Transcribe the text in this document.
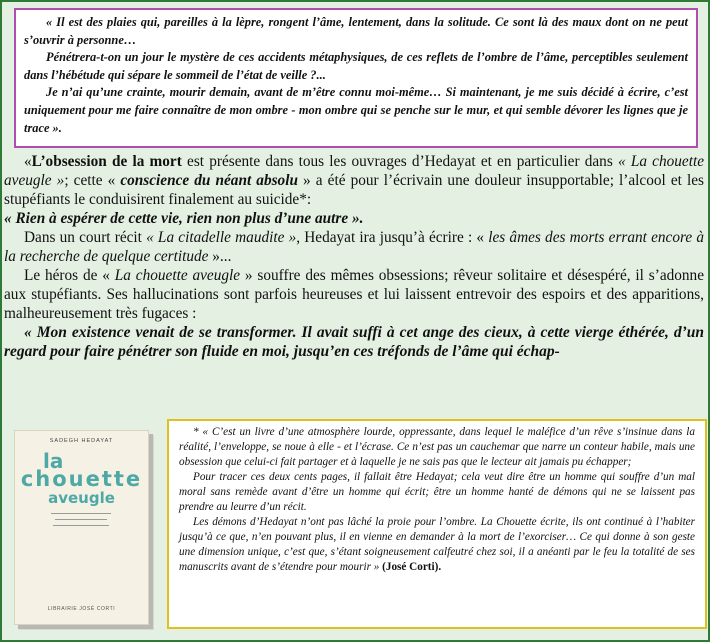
« Il est des plaies qui, pareilles à la lèpre, rongent l’âme, lentement, dans la solitude. Ce sont là des maux dont on ne peut s’ouvrir à personne…

Pénétrera-t-on un jour le mystère de ces accidents métaphysiques, de ces reflets de l’ombre de l’âme, perceptibles seulement dans l’hébétude qui sépare le sommeil de l’état de veille ?...

Je n’ai qu’une crainte, mourir demain, avant de m’être connu moi-même… Si maintenant, je me suis décidé à écrire, c’est uniquement pour me faire connaître de mon ombre - mon ombre qui se penche sur le mur, et qui semble dévorer les lignes que je trace ».

«L’obsession de la mort est présente dans tous les ouvrages d’Hedayat et en particulier dans « La chouette aveugle »; cette « conscience du néant absolu » a été pour l’écrivain une douleur insupportable; l’alcool et les stupéfiants le conduisirent finalement au suicide*:

« Rien à espérer de cette vie, rien non plus d’une autre ».

Dans un court récit « La citadelle maudite », Hedayat ira jusqu’à écrire : « les âmes des morts errant encore à la recherche de quelque certitude »...

Le héros de « La chouette aveugle » souffre des mêmes obsessions; rêveur solitaire et désespéré, il s’adonne aux stupéfiants. Ses hallucinations sont parfois heureuses et lui laissent entrevoir des espoirs et des apparitions, malheureusement très fugaces :

« Mon existence venait de se transformer. Il avait suffi à cet ange des cieux, à cette vierge éthérée, d’un regard pour faire pénétrer son fluide en moi, jusqu’en ces tréfonds de l’âme qui échap-

SADEGH HEDAYAT
la
chouette
aveugle
LIBRAIRIE JOSÉ CORTI

* « C’est un livre d’une atmosphère lourde, oppressante, dans lequel le maléfice d’un rêve s’insinue dans la réalité, l’enveloppe, se noue à elle - et l’écrase. Ce n’est pas un cauchemar que narre un conteur habile, mais une obsession que celui-ci fait partager et à laquelle je ne sais pas que le lecteur ait jamais pu échapper;

Pour tracer ces deux cents pages, il fallait être Hedayat; cela veut dire être un homme qui souffre d’un mal moral sans remède avant d’être un homme qui écrit; être un homme hanté de démons qui ne se laissent pas prendre au leurre d’un récit.

Les démons d’Hedayat n’ont pas lâché la proie pour l’ombre. La Chouette écrite, ils ont continué à l’habiter jusqu’à ce que, n’en pouvant plus, il en vienne en demander à la mort de l’exorciser… Ce qui donne à son geste une dimension unique, c’est que, s’étant soigneusement calfeutré chez soi, il a anéanti par le feu la totalité de ses manuscrits avant de s’étendre pour mourir » (José Corti).
